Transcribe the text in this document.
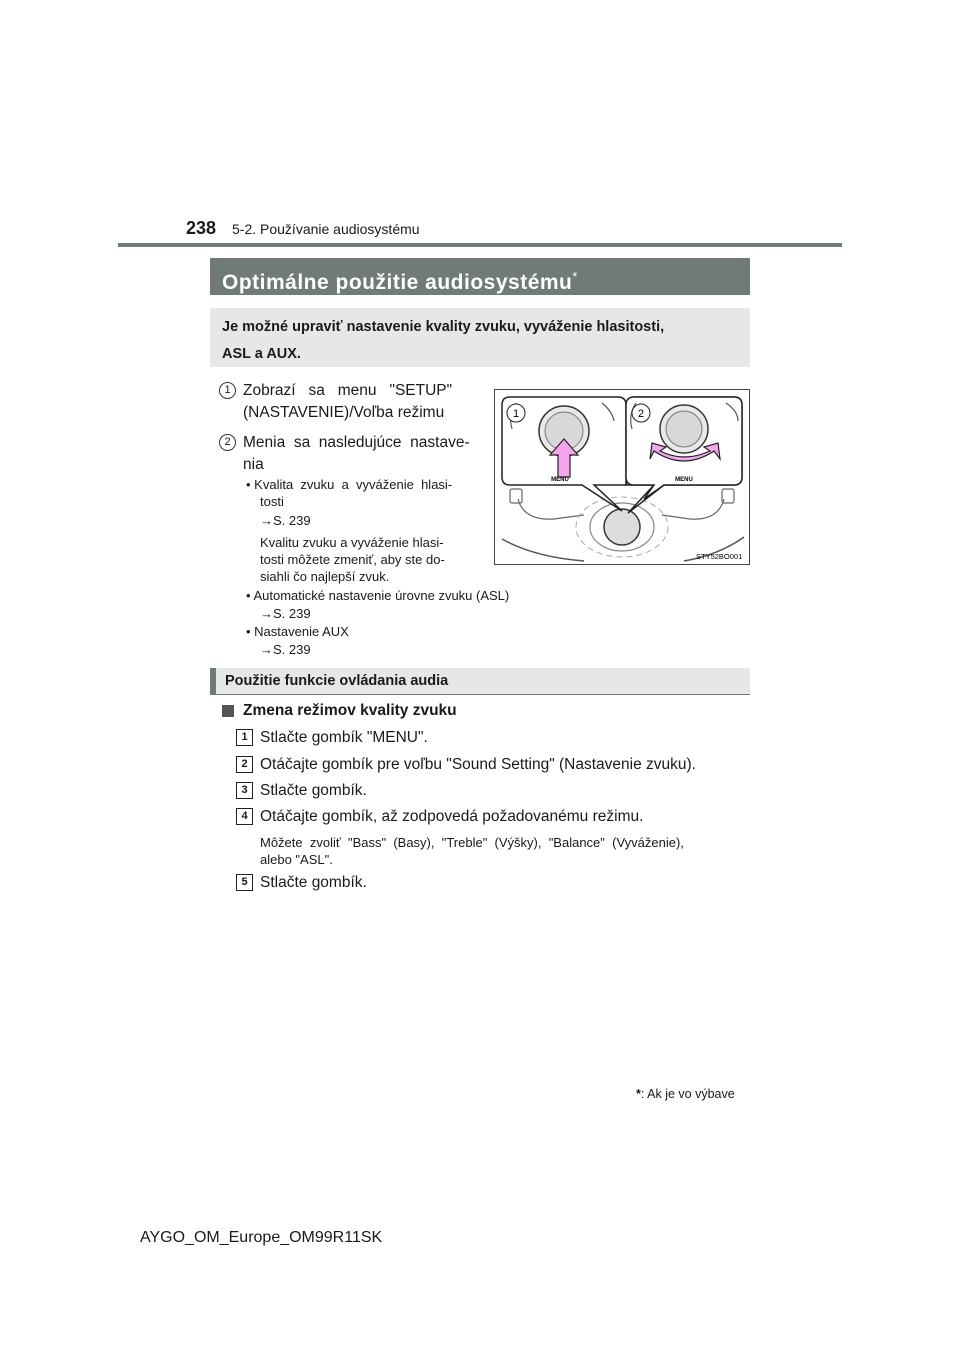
238 5-2. Používanie audiosystému
Optimálne použitie audiosystému*
Je možné upraviť nastavenie kvality zvuku, vyváženie hlasitosti,
ASL a AUX.
1 Zobrazí   sa   menu   "SETUP"
(NASTAVENIE)/Voľba režimu
2 Menia  sa  nasledujúce  nastave-
nia
• Kvalita  zvuku  a  vyváženie  hlasi-
tosti
→S. 239
Kvalitu zvuku a vyváženie hlasi-
tosti môžete zmeniť, aby ste do-
siahli čo najlepší zvuk.
• Automatické nastavenie úrovne zvuku (ASL)
→S. 239
• Nastavenie AUX
→S. 239
1	2
MENU	MENU
STY52BO001
Použitie funkcie ovládania audia
Zmena režimov kvality zvuku
1 Stlačte gombík "MENU".
2 Otáčajte gombík pre voľbu "Sound Setting" (Nastavenie zvuku).
3 Stlačte gombík.
4 Otáčajte gombík, až zodpovedá požadovanému režimu.
Môžete  zvoliť  "Bass"  (Basy),  "Treble"  (Výšky),  "Balance"  (Vyváženie),
alebo "ASL".
5 Stlačte gombík.
*: Ak je vo výbave
AYGO_OM_Europe_OM99R11SK
